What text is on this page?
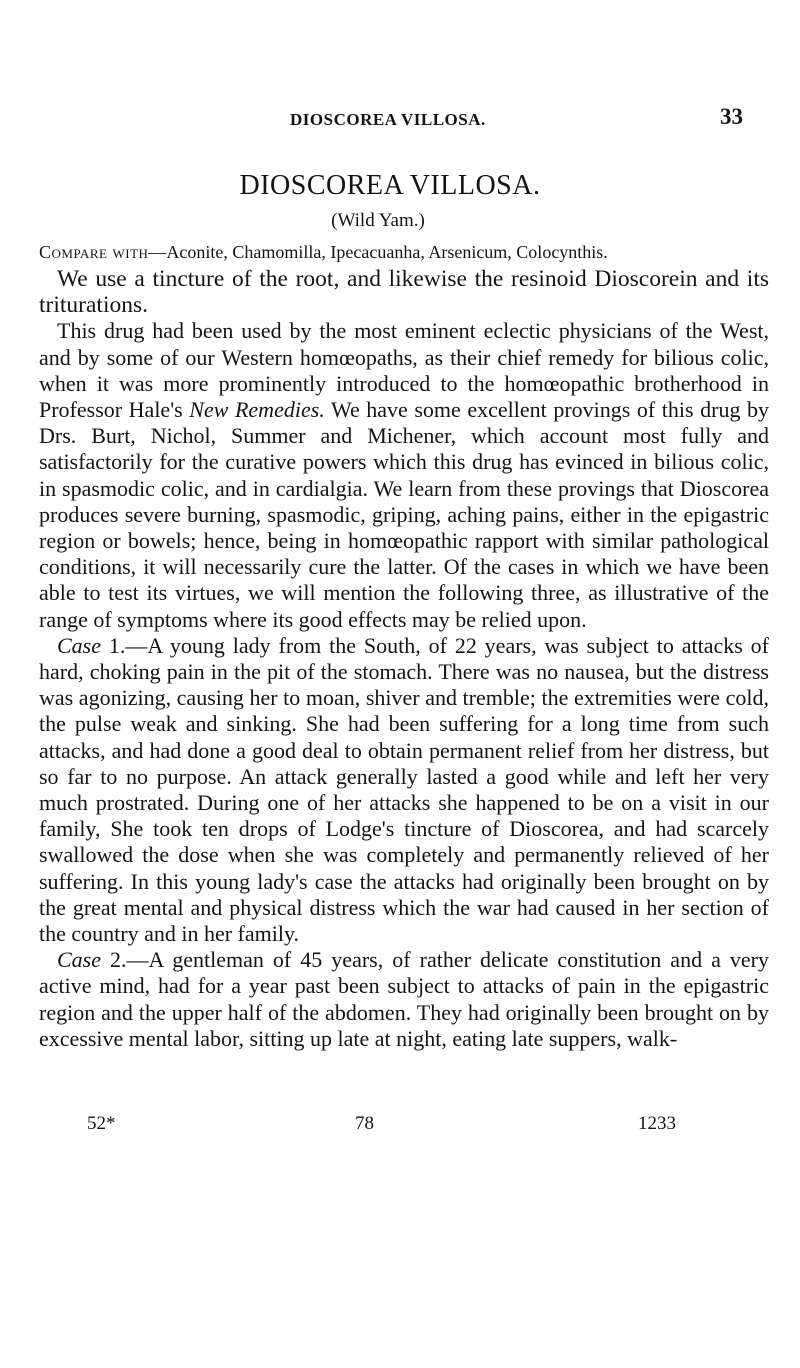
DIOSCOREA VILLOSA.	33
DIOSCOREA VILLOSA.
(Wild Yam.)
Compare with—Aconite, Chamomilla, Ipecacuanha, Arsenicum, Colocynthis.

We use a tincture of the root, and likewise the resinoid Dioscorein and its triturations.

This drug had been used by the most eminent eclectic physicians of the West, and by some of our Western homœopaths, as their chief remedy for bilious colic, when it was more prominently introduced to the homœopathic brotherhood in Professor Hale's New Remedies. We have some excellent provings of this drug by Drs. Burt, Nichol, Summer and Michener, which account most fully and satisfactorily for the curative powers which this drug has evinced in bilious colic, in spasmodic colic, and in cardialgia. We learn from these provings that Dioscorea produces severe burning, spasmodic, griping, aching pains, either in the epigastric region or bowels; hence, being in homœopathic rapport with similar pathological conditions, it will necessarily cure the latter. Of the cases in which we have been able to test its virtues, we will mention the following three, as illustrative of the range of symptoms where its good effects may be relied upon.

Case 1.—A young lady from the South, of 22 years, was subject to attacks of hard, choking pain in the pit of the stomach. There was no nausea, but the distress was agonizing, causing her to moan, shiver and tremble; the extremities were cold, the pulse weak and sinking. She had been suffering for a long time from such attacks, and had done a good deal to obtain permanent relief from her distress, but so far to no purpose. An attack generally lasted a good while and left her very much prostrated. During one of her attacks she happened to be on a visit in our family, She took ten drops of Lodge's tincture of Dioscorea, and had scarcely swallowed the dose when she was completely and permanently relieved of her suffering. In this young lady's case the attacks had originally been brought on by the great mental and physical distress which the war had caused in her section of the country and in her family.

Case 2.—A gentleman of 45 years, of rather delicate constitution and a very active mind, had for a year past been subject to attacks of pain in the epigastric region and the upper half of the abdomen. They had originally been brought on by excessive mental labor, sitting up late at night, eating late suppers, walk-

52*	78	1233
